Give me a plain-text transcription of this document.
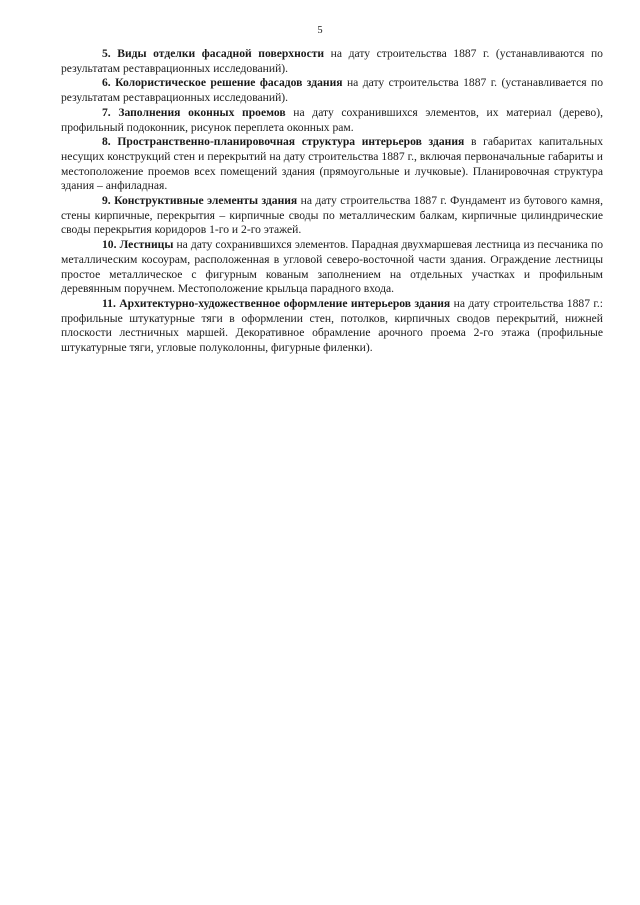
5

5. Виды отделки фасадной поверхности на дату строительства 1887 г. (устанавливаются по результатам реставрационных исследований).

6. Колористическое решение фасадов здания на дату строительства 1887 г. (устанавливается по результатам реставрационных исследований).

7. Заполнения оконных проемов на дату сохранившихся элементов, их материал (дерево), профильный подоконник, рисунок переплета оконных рам.

8. Пространственно-планировочная структура интерьеров здания в габаритах капитальных несущих конструкций стен и перекрытий на дату строительства 1887 г., включая первоначальные габариты и местоположение проемов всех помещений здания (прямоугольные и лучковые). Планировочная структура здания – анфиладная.

9. Конструктивные элементы здания на дату строительства 1887 г. Фундамент из бутового камня, стены кирпичные, перекрытия – кирпичные своды по металлическим балкам, кирпичные цилиндрические своды перекрытия коридоров 1-го и 2-го этажей.

10. Лестницы на дату сохранившихся элементов. Парадная двухмаршевая лестница из песчаника по металлическим косоурам, расположенная в угловой северо-восточной части здания. Ограждение лестницы простое металлическое с фигурным кованым заполнением на отдельных участках и профильным деревянным поручнем. Местоположение крыльца парадного входа.

11. Архитектурно-художественное оформление интерьеров здания на дату строительства 1887 г.: профильные штукатурные тяги в оформлении стен, потолков, кирпичных сводов перекрытий, нижней плоскости лестничных маршей. Декоративное обрамление арочного проема 2-го этажа (профильные штукатурные тяги, угловые полуколонны, фигурные филенки).
